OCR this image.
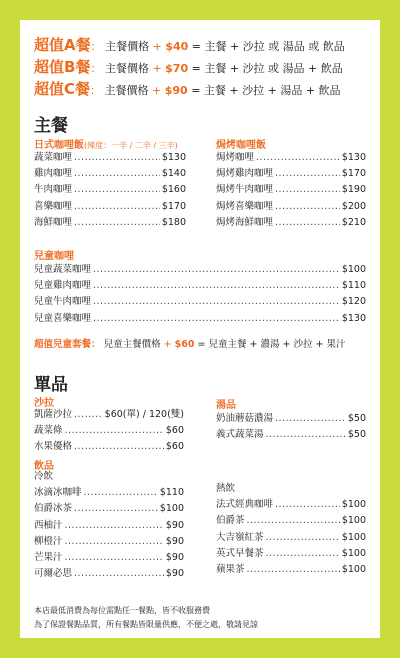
超值A餐： 主餐價格 + $40 = 主餐 + 沙拉 或 湯品 或 飲品
超值B餐： 主餐價格 + $70 = 主餐 + 沙拉 或 湯品 + 飲品
超值C餐： 主餐價格 + $90 = 主餐 + 沙拉 + 湯品 + 飲品
主餐
日式咖哩飯(辣度：一辛 / 二辛 / 三辛)
蔬菜咖哩 .....	$130
雞肉咖哩 .....	$140
牛肉咖哩 .....	$160
喜樂咖哩 .....	$170
海鮮咖哩 .....	$180
焗烤咖哩飯
焗烤咖哩 .....	$130
焗烤雞肉咖哩 .....	$170
焗烤牛肉咖哩 .....	$190
焗烤喜樂咖哩 .....	$200
焗烤海鮮咖哩 .....	$210
兒童咖哩
兒童蔬菜咖哩 .....	$100
兒童雞肉咖哩 .....	$110
兒童牛肉咖哩 .....	$120
兒童喜樂咖哩 .....	$130
超值兒童套餐： 兒童主餐價格 + $60 = 兒童主餐 + 濃湯 + 沙拉 + 果汁
單品
沙拉
凱薩沙拉 .....	$60(單) / 120(雙)
蔬菜條 .....	$60
水果優格 .....	$60
湯品
奶油蘑菇濃湯 .....	$50
義式蔬菜湯 .....	$50
飲品
冷飲
冰滴冰咖啡 .....	$110
伯爵冰茶 .....	$100
西柚汁 .....	$90
柳橙汁 .....	$90
芒果汁 .....	$90
可爾必思 .....	$90
熱飲
法式經典咖啡 .....	$100
伯爵茶 .....	$100
大吉嶺紅茶 .....	$100
英式早餐茶 .....	$100
蘋果茶 .....	$100
本店最低消費為每位需點任一餐點，皆不收服務費
為了保證餐點品質，所有餐點皆限量供應，不便之處，敬請見諒
